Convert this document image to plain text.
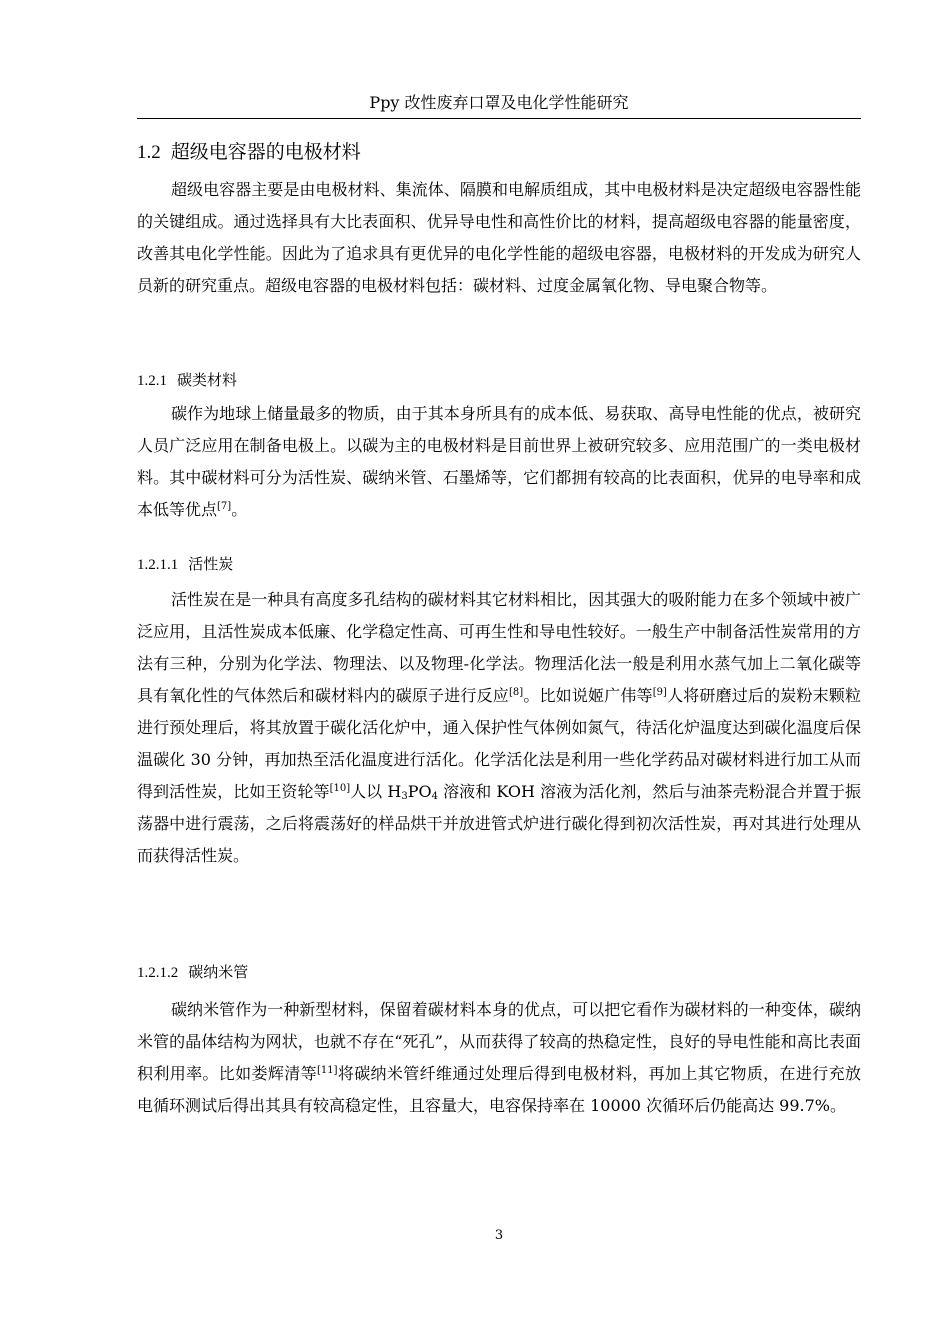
Ppy 改性废弃口罩及电化学性能研究
1.2 超级电容器的电极材料

超级电容器主要是由电极材料、集流体、隔膜和电解质组成，其中电极材料是决定超级电容器性能的关键组成。通过选择具有大比表面积、优异导电性和高性价比的材料，提高超级电容器的能量密度，改善其电化学性能。因此为了追求具有更优异的电化学性能的超级电容器，电极材料的开发成为研究人员新的研究重点。超级电容器的电极材料包括：碳材料、过度金属氧化物、导电聚合物等。

1.2.1 碳类材料

碳作为地球上储量最多的物质，由于其本身所具有的成本低、易获取、高导电性能的优点，被研究人员广泛应用在制备电极上。以碳为主的电极材料是目前世界上被研究较多、应用范围广的一类电极材料。其中碳材料可分为活性炭、碳纳米管、石墨烯等，它们都拥有较高的比表面积，优异的电导率和成本低等优点[7]。

1.2.1.1 活性炭

活性炭在是一种具有高度多孔结构的碳材料其它材料相比，因其强大的吸附能力在多个领域中被广泛应用，且活性炭成本低廉、化学稳定性高、可再生性和导电性较好。一般生产中制备活性炭常用的方法有三种，分别为化学法、物理法、以及物理-化学法。物理活化法一般是利用水蒸气加上二氧化碳等具有氧化性的气体然后和碳材料内的碳原子进行反应[8]。比如说姬广伟等[9]人将研磨过后的炭粉末颗粒进行预处理后，将其放置于碳化活化炉中，通入保护性气体例如氮气，待活化炉温度达到碳化温度后保温碳化 30 分钟，再加热至活化温度进行活化。化学活化法是利用一些化学药品对碳材料进行加工从而得到活性炭，比如王资轮等[10]人以 $H_3PO_4$ 溶液和 KOH 溶液为活化剂，然后与油茶壳粉混合并置于振荡器中进行震荡，之后将震荡好的样品烘干并放进管式炉进行碳化得到初次活性炭，再对其进行处理从而获得活性炭。

1.2.1.2 碳纳米管

碳纳米管作为一种新型材料，保留着碳材料本身的优点，可以把它看作为碳材料的一种变体，碳纳米管的晶体结构为网状，也就不存在“死孔”，从而获得了较高的热稳定性，良好的导电性能和高比表面积利用率。比如娄辉清等[11]将碳纳米管纤维通过处理后得到电极材料，再加上其它物质，在进行充放电循环测试后得出其具有较高稳定性，且容量大，电容保持率在 10000 次循环后仍能高达 99.7%。

3
